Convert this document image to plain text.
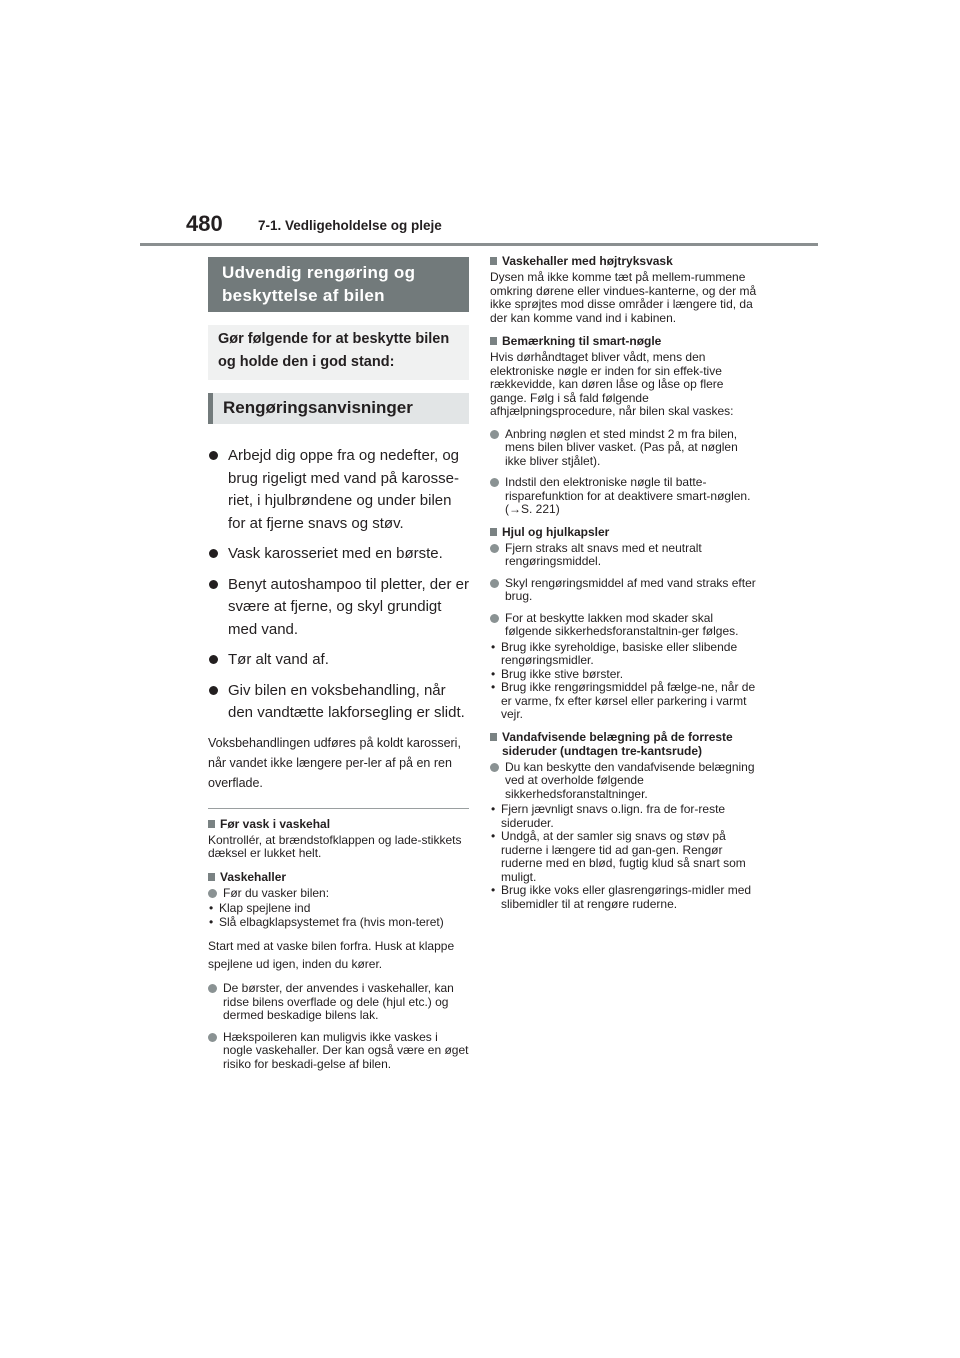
480	7-1. Vedligeholdelse og pleje
Udvendig rengøring og beskyttelse af bilen
Gør følgende for at beskytte bilen og holde den i god stand:
Rengøringsanvisninger
Arbejd dig oppe fra og nedefter, og brug rigeligt med vand på karosse-riet, i hjulbrøndene og under bilen for at fjerne snavs og støv.
Vask karosseriet med en børste.
Benyt autoshampoo til pletter, der er svære at fjerne, og skyl grundigt med vand.
Tør alt vand af.
Giv bilen en voksbehandling, når den vandtætte lakforsegling er slidt.
Voksbehandlingen udføres på koldt karosseri, når vandet ikke længere per-ler af på en ren overflade.
Før vask i vaskehal
Kontrollér, at brændstofklappen og lade-stikkets dæksel er lukket helt.
Vaskehaller
Før du vasker bilen:
• Klap spejlene ind
• Slå elbagklapsystemet fra (hvis mon-teret)
Start med at vaske bilen forfra. Husk at klappe spejlene ud igen, inden du kører.
De børster, der anvendes i vaskehaller, kan ridse bilens overflade og dele (hjul etc.) og dermed beskadige bilens lak.
Hækspoileren kan muligvis ikke vaskes i nogle vaskehaller. Der kan også være en øget risiko for beskadi-gelse af bilen.
Vaskehaller med højtryksvask
Dysen må ikke komme tæt på mellem-rummene omkring dørene eller vindues-kanterne, og der må ikke sprøjtes mod disse områder i længere tid, da der kan komme vand ind i kabinen.
Bemærkning til smart-nøgle
Hvis dørhåndtaget bliver vådt, mens den elektroniske nøgle er inden for sin effek-tive rækkevidde, kan døren låse og låse op flere gange. Følg i så fald følgende afhjælpningsprocedure, når bilen skal vaskes:
Anbring nøglen et sted mindst 2 m fra bilen, mens bilen bliver vasket. (Pas på, at nøglen ikke bliver stjålet).
Indstil den elektroniske nøgle til batte-risparefunktion for at deaktivere smart-nøglen. (→S. 221)
Hjul og hjulkapsler
Fjern straks alt snavs med et neutralt rengøringsmiddel.
Skyl rengøringsmiddel af med vand straks efter brug.
For at beskytte lakken mod skader skal følgende sikkerhedsforanstaltnin-ger følges.
• Brug ikke syreholdige, basiske eller slibende rengøringsmidler.
• Brug ikke stive børster.
• Brug ikke rengøringsmiddel på fælge-ne, når de er varme, fx efter kørsel eller parkering i varmt vejr.
Vandafvisende belægning på de forreste sideruder (undtagen tre-kantsrude)
Du kan beskytte den vandafvisende belægning ved at overholde følgende sikkerhedsforanstaltninger.
• Fjern jævnligt snavs o.lign. fra de for-reste sideruder.
• Undgå, at der samler sig snavs og støv på ruderne i længere tid ad gan-gen. Rengør ruderne med en blød, fugtig klud så snart som muligt.
• Brug ikke voks eller glasrengørings-midler med slibemidler til at rengøre ruderne.
